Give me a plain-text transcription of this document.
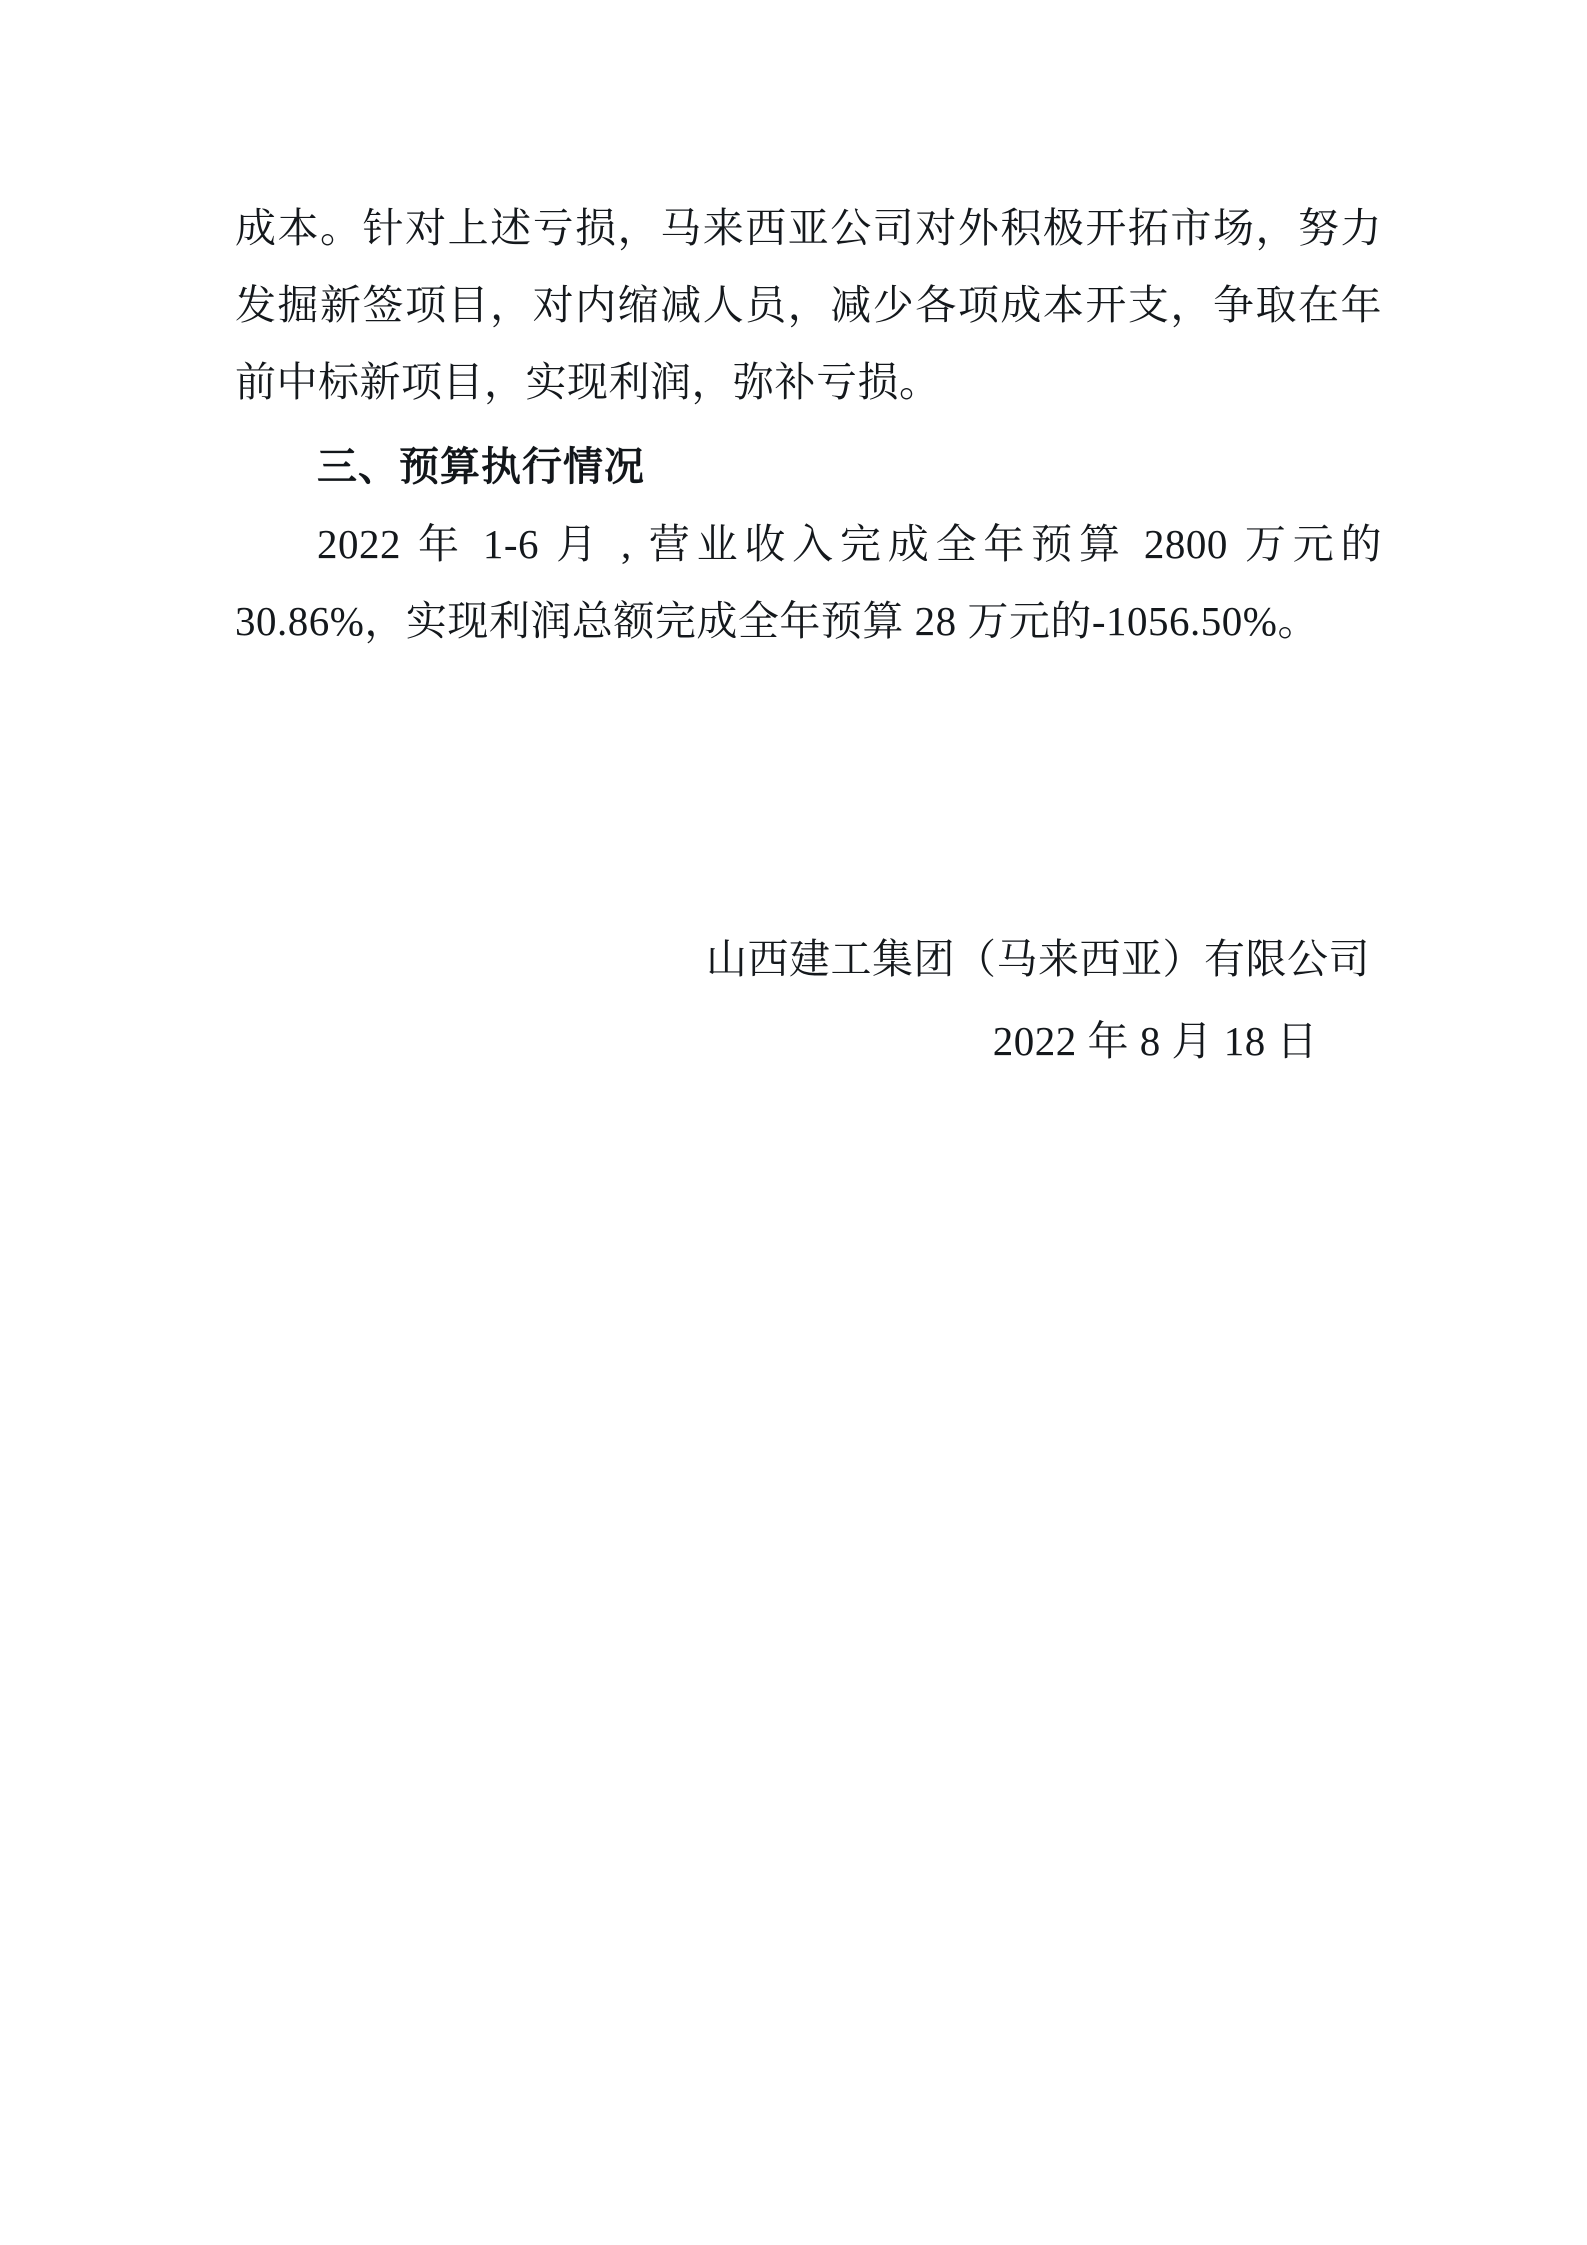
成本。针对上述亏损，马来西亚公司对外积极开拓市场，努力发掘新签项目，对内缩减人员，减少各项成本开支，争取在年前中标新项目，实现利润，弥补亏损。

三、预算执行情况

2022 年 1-6 月 , 营业收入完成全年预算 2800 万元的 30.86%，实现利润总额完成全年预算 28 万元的-1056.50%。

山西建工集团（马来西亚）有限公司
2022 年 8 月 18 日
